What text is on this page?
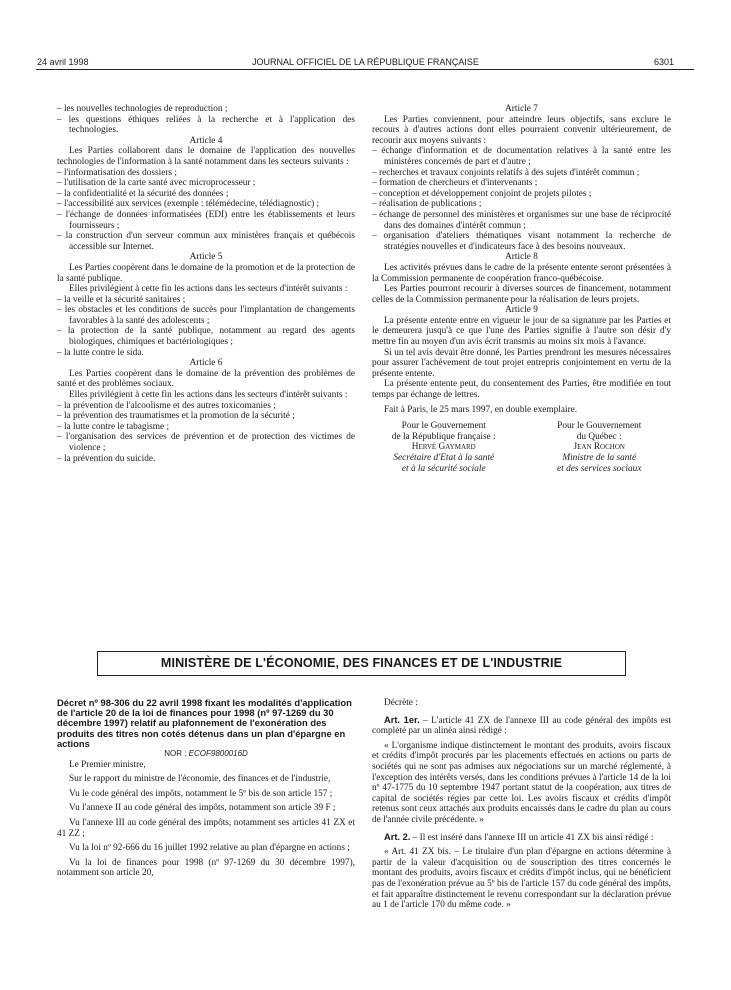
24 avril 1998	JOURNAL OFFICIEL DE LA RÉPUBLIQUE FRANÇAISE	6301

– les nouvelles technologies de reproduction ;

– les questions éthiques reliées à la recherche et à l'application des technologies.

Article 4

Les Parties collaborent dans le domaine de l'application des nouvelles technologies de l'information à la santé notamment dans les secteurs suivants :

– l'informatisation des dossiers ;

– l'utilisation de la carte santé avec microprocesseur ;

– la confidentialité et la sécurité des données ;

– l'accessibilité aux services (exemple : télémédecine, télédiagnostic) ;

– l'échange de données informatisées (EDI) entre les établissements et leurs fournisseurs ;

– la construction d'un serveur commun aux ministères français et québécois accessible sur Internet.

Article 5

Les Parties coopèrent dans le domaine de la promotion et de la protection de la santé publique.

Elles privilégient à cette fin les actions dans les secteurs d'intérêt suivants :

– la veille et la sécurité sanitaires ;

– les obstacles et les conditions de succès pour l'implantation de changements favorables à la santé des adolescents ;

– la protection de la santé publique, notamment au regard des agents biologiques, chimiques et bactériologiques ;

– la lutte contre le sida.

Article 6

Les Parties coopèrent dans le domaine de la prévention des problèmes de santé et des problèmes sociaux.

Elles privilégient à cette fin les actions dans les secteurs d'intérêt suivants :

– la prévention de l'alcoolisme et des autres toxicomanies ;

– la prévention des traumatismes et la promotion de la sécurité ;

– la lutte contre le tabagisme ;

– l'organisation des services de prévention et de protection des victimes de violence ;

– la prévention du suicide.

Article 7

Les Parties conviennent, pour atteindre leurs objectifs, sans exclure le recours à d'autres actions dont elles pourraient convenir ultérieurement, de recourir aux moyens suivants :

– échange d'information et de documentation relatives à la santé entre les ministères concernés de part et d'autre ;

– recherches et travaux conjoints relatifs à des sujets d'intérêt commun ;

– formation de chercheurs et d'intervenants ;

– conception et développement conjoint de projets pilotes ;

– réalisation de publications ;

– échange de personnel des ministères et organismes sur une base de réciprocité dans des domaines d'intérêt commun ;

– organisation d'ateliers thématiques visant notamment la recherche de stratégies nouvelles et d'indicateurs face à des besoins nouveaux.

Article 8

Les activités prévues dans le cadre de la présente entente seront présentées à la Commission permanente de coopération franco-québécoise.

Les Parties pourront recourir à diverses sources de financement, notamment celles de la Commission permanente pour la réalisation de leurs projets.

Article 9

La présente entente entre en vigueur le jour de sa signature par les Parties et le demeurera jusqu'à ce que l'une des Parties signifie à l'autre son désir d'y mettre fin au moyen d'un avis écrit transmis au moins six mois à l'avance.

Si un tel avis devait être donné, les Parties prendront les mesures nécessaires pour assurer l'achèvement de tout projet entrepris conjointement en vertu de la présente entente.

La présente entente peut, du consentement des Parties, être modifiée en tout temps par échange de lettres.

Fait à Paris, le 25 mars 1997, en double exemplaire.

Pour le Gouvernement

de la République française :

Hervé Gaymard

Secrétaire d'Etat à la santé

et à la sécurité sociale

Pour le Gouvernement

du Québec :

Jean Rochon

Ministre de la santé

et des services sociaux

MINISTÈRE DE L'ÉCONOMIE, DES FINANCES ET DE L'INDUSTRIE

Décret nº 98-306 du 22 avril 1998 fixant les modalités d'application de l'article 20 de la loi de finances pour 1998 (nº 97-1269 du 30 décembre 1997) relatif au plafonnement de l'exonération des produits des titres non cotés détenus dans un plan d'épargne en actions

NOR : ECOF9800016D

Le Premier ministre,

Sur le rapport du ministre de l'économie, des finances et de l'industrie,

Vu le code général des impôts, notamment le 5º bis de son article 157 ;

Vu l'annexe II au code général des impôts, notamment son article 39 F ;

Vu l'annexe III au code général des impôts, notamment ses articles 41 ZX et 41 ZZ ;

Vu la loi nº 92-666 du 16 juillet 1992 relative au plan d'épargne en actions ;

Vu la loi de finances pour 1998 (nº 97-1269 du 30 décembre 1997), notamment son article 20,

Décrète :

Art. 1er. – L'article 41 ZX de l'annexe III au code général des impôts est complété par un alinéa ainsi rédigé :

« L'organisme indique distinctement le montant des produits, avoirs fiscaux et crédits d'impôt procurés par les placements effectués en actions ou parts de sociétés qui ne sont pas admises aux négociations sur un marché réglementé, à l'exception des intérêts versés, dans les conditions prévues à l'article 14 de la loi nº 47-1775 du 10 septembre 1947 portant statut de la coopération, aux titres de capital de sociétés régies par cette loi. Les avoirs fiscaux et crédits d'impôt retenus sont ceux attachés aux produits encaissés dans le cadre du plan au cours de l'année civile précédente. »

Art. 2. – Il est inséré dans l'annexe III un article 41 ZX bis ainsi rédigé :

« Art. 41 ZX bis. – Le titulaire d'un plan d'épargne en actions détermine à partir de la valeur d'acquisition ou de souscription des titres concernés le montant des produits, avoirs fiscaux et crédits d'impôt inclus, qui ne bénéficient pas de l'exonération prévue au 5º bis de l'article 157 du code général des impôts, et fait apparaître distinctement le revenu correspondant sur la déclaration prévue au 1 de l'article 170 du même code. »
